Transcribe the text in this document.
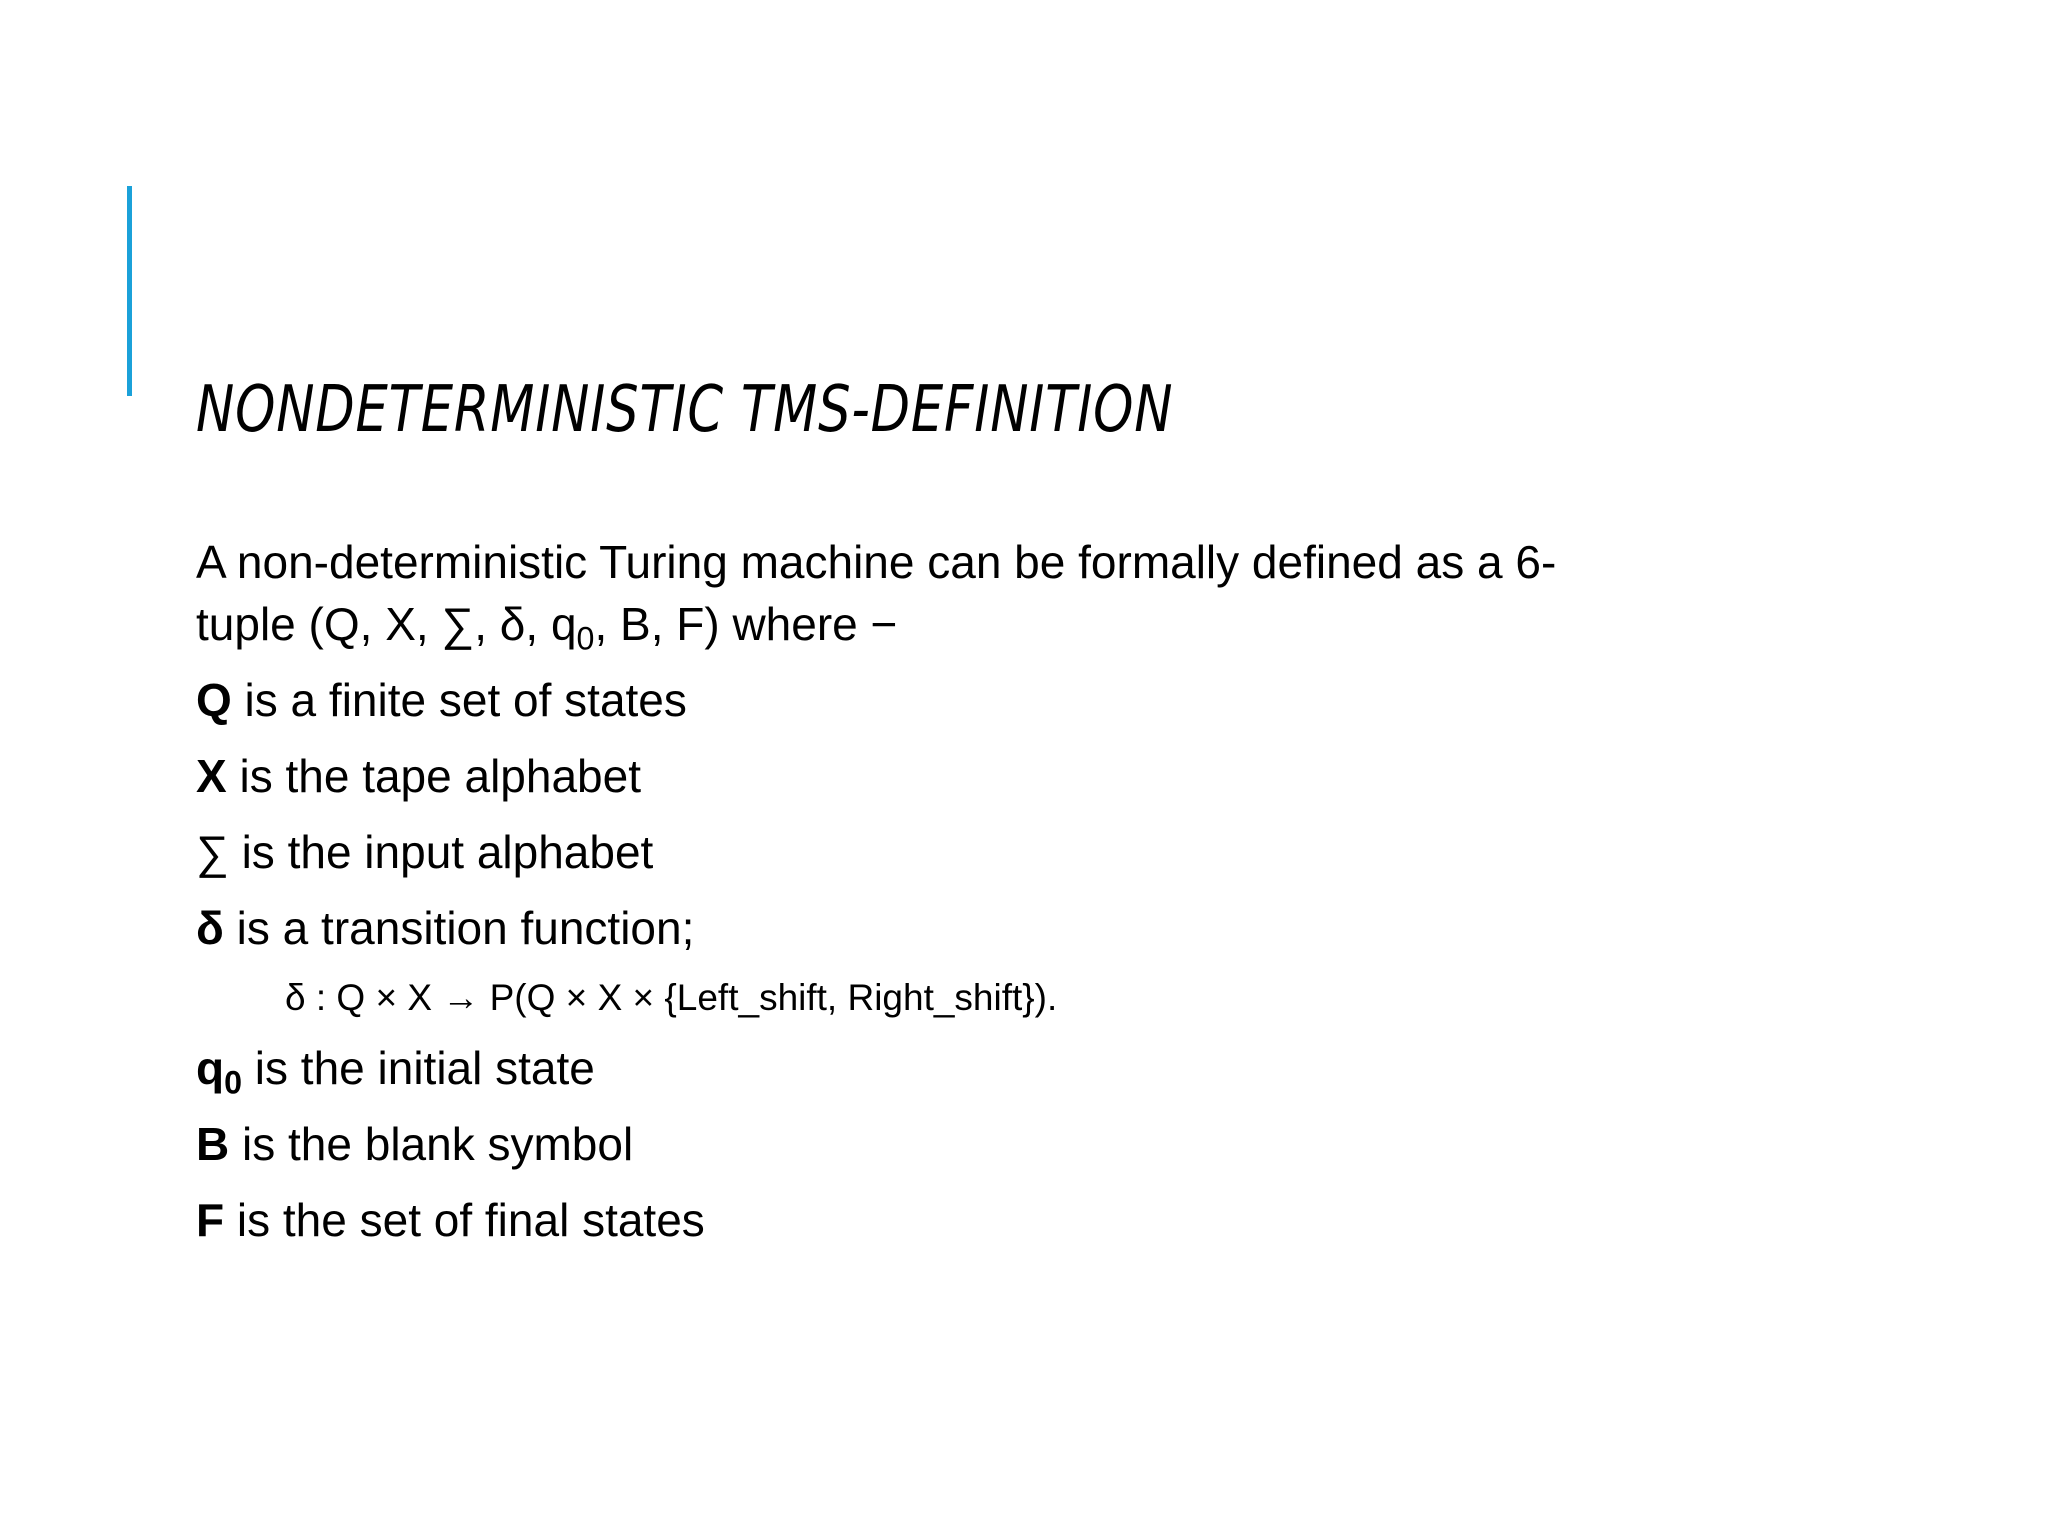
NONDETERMINISTIC TMS-DEFINITION

A non-deterministic Turing machine can be formally defined as a 6-
tuple (Q, X, ∑, δ, $q_0$, B, F) where −

Q is a finite set of states

X is the tape alphabet

∑ is the input alphabet

δ is a transition function;

δ : Q × X → P(Q × X × {Left_shift, Right_shift}).

$q_0$ is the initial state

B is the blank symbol

F is the set of final states
